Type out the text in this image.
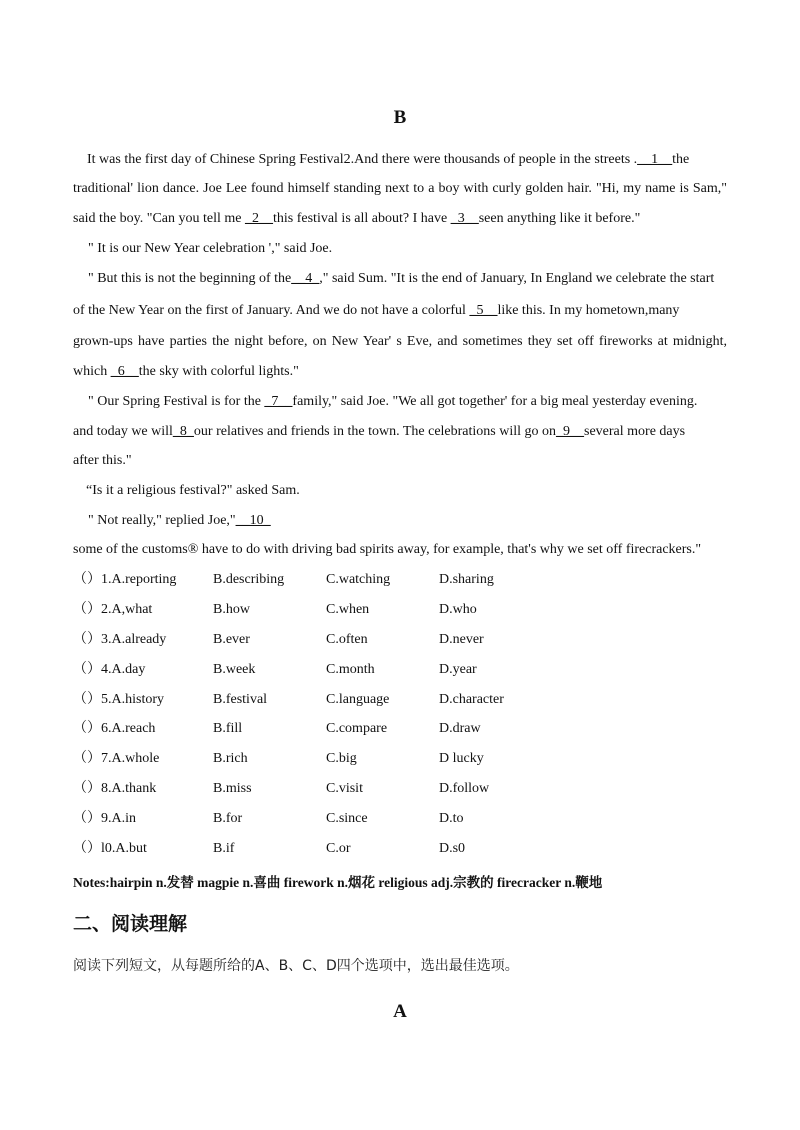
B
It was the first day of Chinese Spring Festival2.And there were thousands of people in the streets .__1__the
traditional' lion dance. Joe Lee found himself standing next to a boy with curly golden hair. "Hi, my name is Sam,"
said the boy. "Can you tell me _2__this festival is all about? I have _3__seen anything like it before."
" It is our New Year celebration '," said Joe.
" But this is not the beginning of the__4_," said Sum. "It is the end of January, In England we celebrate the start
of the New Year on the first of January. And we do not have a colorful _5__like this. In my hometown,many
grown-ups have parties the night before, on New Year' s Eve, and sometimes they set off fireworks at midnight,
which _6__the sky with colorful lights."
" Our Spring Festival is for the _7__family," said Joe. "We all got together' for a big meal yesterday evening.
and today we will_8_our relatives and friends in the town. The celebrations will go on_9__several more days
after this."
“Is it a religious festival?" asked Sam.
" Not really," replied Joe,"__10_
some of the customs® have to do with driving bad spirits away, for example, that's why we set off firecrackers."
（）1.A.reporting	B.describing	C.watching	D.sharing
（）2.A,what	B.how	C.when	D.who
（）3.A.already	B.ever	C.often	D.never
（）4.A.day	B.week	C.month	D.year
（）5.A.history	B.festival	C.language	D.character
（）6.A.reach	B.fill	C.compare	D.draw
（）7.A.whole	B.rich	C.big	D lucky
（）8.A.thank	B.miss	C.visit	D.follow
（）9.A.in	B.for	C.since	D.to
（）l0.A.but	B.if	C.or	D.s0
Notes:hairpin n.发替 magpie n.喜曲 firework n.烟花 religious adj.宗教的 firecracker n.鞭地
二、阅读理解
阅读下列短文，从每题所给的A、B、C、D四个选项中，选出最佳选项。
A
